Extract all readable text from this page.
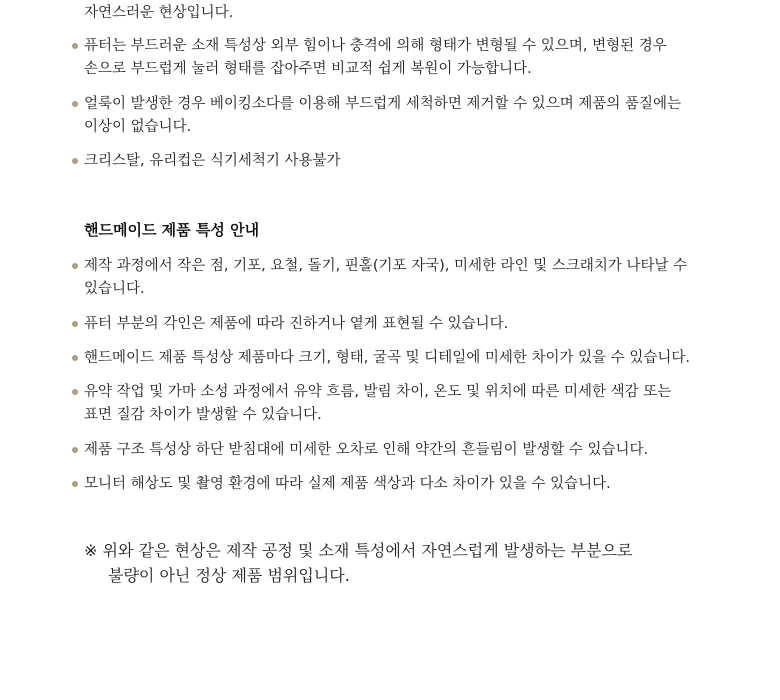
자연스러운 현상입니다.
퓨터는 부드러운 소재 특성상 외부 힘이나 충격에 의해 형태가 변형될 수 있으며, 변형된 경우
손으로 부드럽게 눌러 형태를 잡아주면 비교적 쉽게 복원이 가능합니다.
얼룩이 발생한 경우 베이킹소다를 이용해 부드럽게 세척하면 제거할 수 있으며 제품의 품질에는
이상이 없습니다.
크리스탈, 유리컵은 식기세척기 사용불가
핸드메이드 제품 특성 안내
제작 과정에서 작은 점, 기포, 요철, 돌기, 핀홀(기포 자국), 미세한 라인 및 스크래치가 나타날 수
있습니다.
퓨터 부분의 각인은 제품에 따라 진하거나 옅게 표현될 수 있습니다.
핸드메이드 제품 특성상 제품마다 크기, 형태, 굴곡 및 디테일에 미세한 차이가 있을 수 있습니다.
유약 작업 및 가마 소성 과정에서 유약 흐름, 발림 차이, 온도 및 위치에 따른 미세한 색감 또는
표면 질감 차이가 발생할 수 있습니다.
제품 구조 특성상 하단 받침대에 미세한 오차로 인해 약간의 흔들림이 발생할 수 있습니다.
모니터 해상도 및 촬영 환경에 따라 실제 제품 색상과 다소 차이가 있을 수 있습니다.
※ 위와 같은 현상은 제작 공정 및 소재 특성에서 자연스럽게 발생하는 부분으로
불량이 아닌 정상 제품 범위입니다.
